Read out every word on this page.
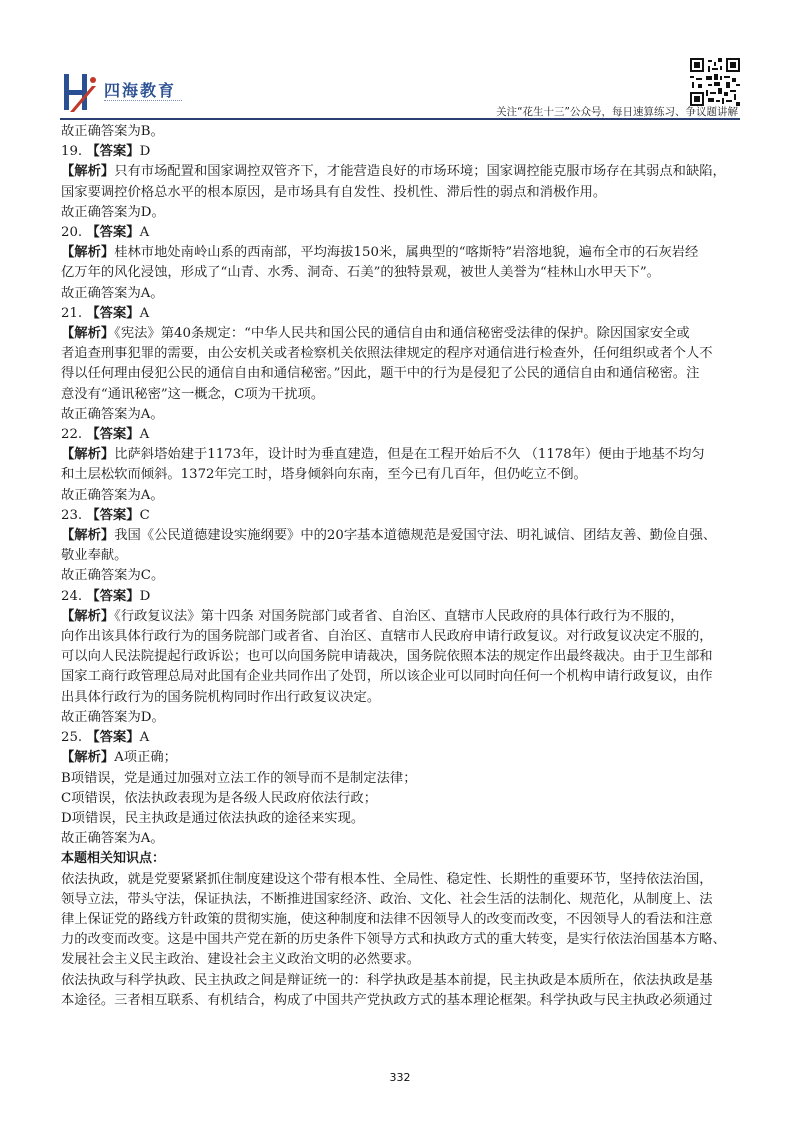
四海教育
关注“花生十三”公众号，每日速算练习、争议题讲解

故正确答案为B。

19. 【答案】D

【解析】只有市场配置和国家调控双管齐下，才能营造良好的市场环境；国家调控能克服市场存在其弱点和缺陷，

国家要调控价格总水平的根本原因，是市场具有自发性、投机性、滞后性的弱点和消极作用。

故正确答案为D。

20. 【答案】A

【解析】桂林市地处南岭山系的西南部，平均海拔150米，属典型的“喀斯特”岩溶地貌，遍布全市的石灰岩经

亿万年的风化浸蚀，形成了“山青、水秀、洞奇、石美”的独特景观，被世人美誉为“桂林山水甲天下”。

故正确答案为A。

21. 【答案】A

【解析】《宪法》第40条规定：“中华人民共和国公民的通信自由和通信秘密受法律的保护。除因国家安全或

者追查刑事犯罪的需要，由公安机关或者检察机关依照法律规定的程序对通信进行检查外，任何组织或者个人不

得以任何理由侵犯公民的通信自由和通信秘密。”因此，题干中的行为是侵犯了公民的通信自由和通信秘密。注

意没有“通讯秘密”这一概念，C项为干扰项。

故正确答案为A。

22. 【答案】A

【解析】比萨斜塔始建于1173年，设计时为垂直建造，但是在工程开始后不久 （1178年）便由于地基不均匀

和土层松软而倾斜。1372年完工时，塔身倾斜向东南，至今已有几百年，但仍屹立不倒。

故正确答案为A。

23. 【答案】C

【解析】我国《公民道德建设实施纲要》中的20字基本道德规范是爱国守法、明礼诚信、团结友善、勤俭自强、

敬业奉献。

故正确答案为C。

24. 【答案】D

【解析】《行政复议法》第十四条 对国务院部门或者省、自治区、直辖市人民政府的具体行政行为不服的，

向作出该具体行政行为的国务院部门或者省、自治区、直辖市人民政府申请行政复议。对行政复议决定不服的，

可以向人民法院提起行政诉讼；也可以向国务院申请裁决，国务院依照本法的规定作出最终裁决。由于卫生部和

国家工商行政管理总局对此国有企业共同作出了处罚，所以该企业可以同时向任何一个机构申请行政复议，由作

出具体行政行为的国务院机构同时作出行政复议决定。

故正确答案为D。

25. 【答案】A

【解析】A项正确；

B项错误，党是通过加强对立法工作的领导而不是制定法律；

C项错误，依法执政表现为是各级人民政府依法行政；

D项错误，民主执政是通过依法执政的途径来实现。

故正确答案为A。

本题相关知识点：

依法执政，就是党要紧紧抓住制度建设这个带有根本性、全局性、稳定性、长期性的重要环节，坚持依法治国，

领导立法，带头守法，保证执法，不断推进国家经济、政治、文化、社会生活的法制化、规范化，从制度上、法

律上保证党的路线方针政策的贯彻实施，使这种制度和法律不因领导人的改变而改变，不因领导人的看法和注意

力的改变而改变。这是中国共产党在新的历史条件下领导方式和执政方式的重大转变，是实行依法治国基本方略、

发展社会主义民主政治、建设社会主义政治文明的必然要求。

依法执政与科学执政、民主执政之间是辩证统一的：科学执政是基本前提，民主执政是本质所在，依法执政是基

本途径。三者相互联系、有机结合，构成了中国共产党执政方式的基本理论框架。科学执政与民主执政必须通过

332
